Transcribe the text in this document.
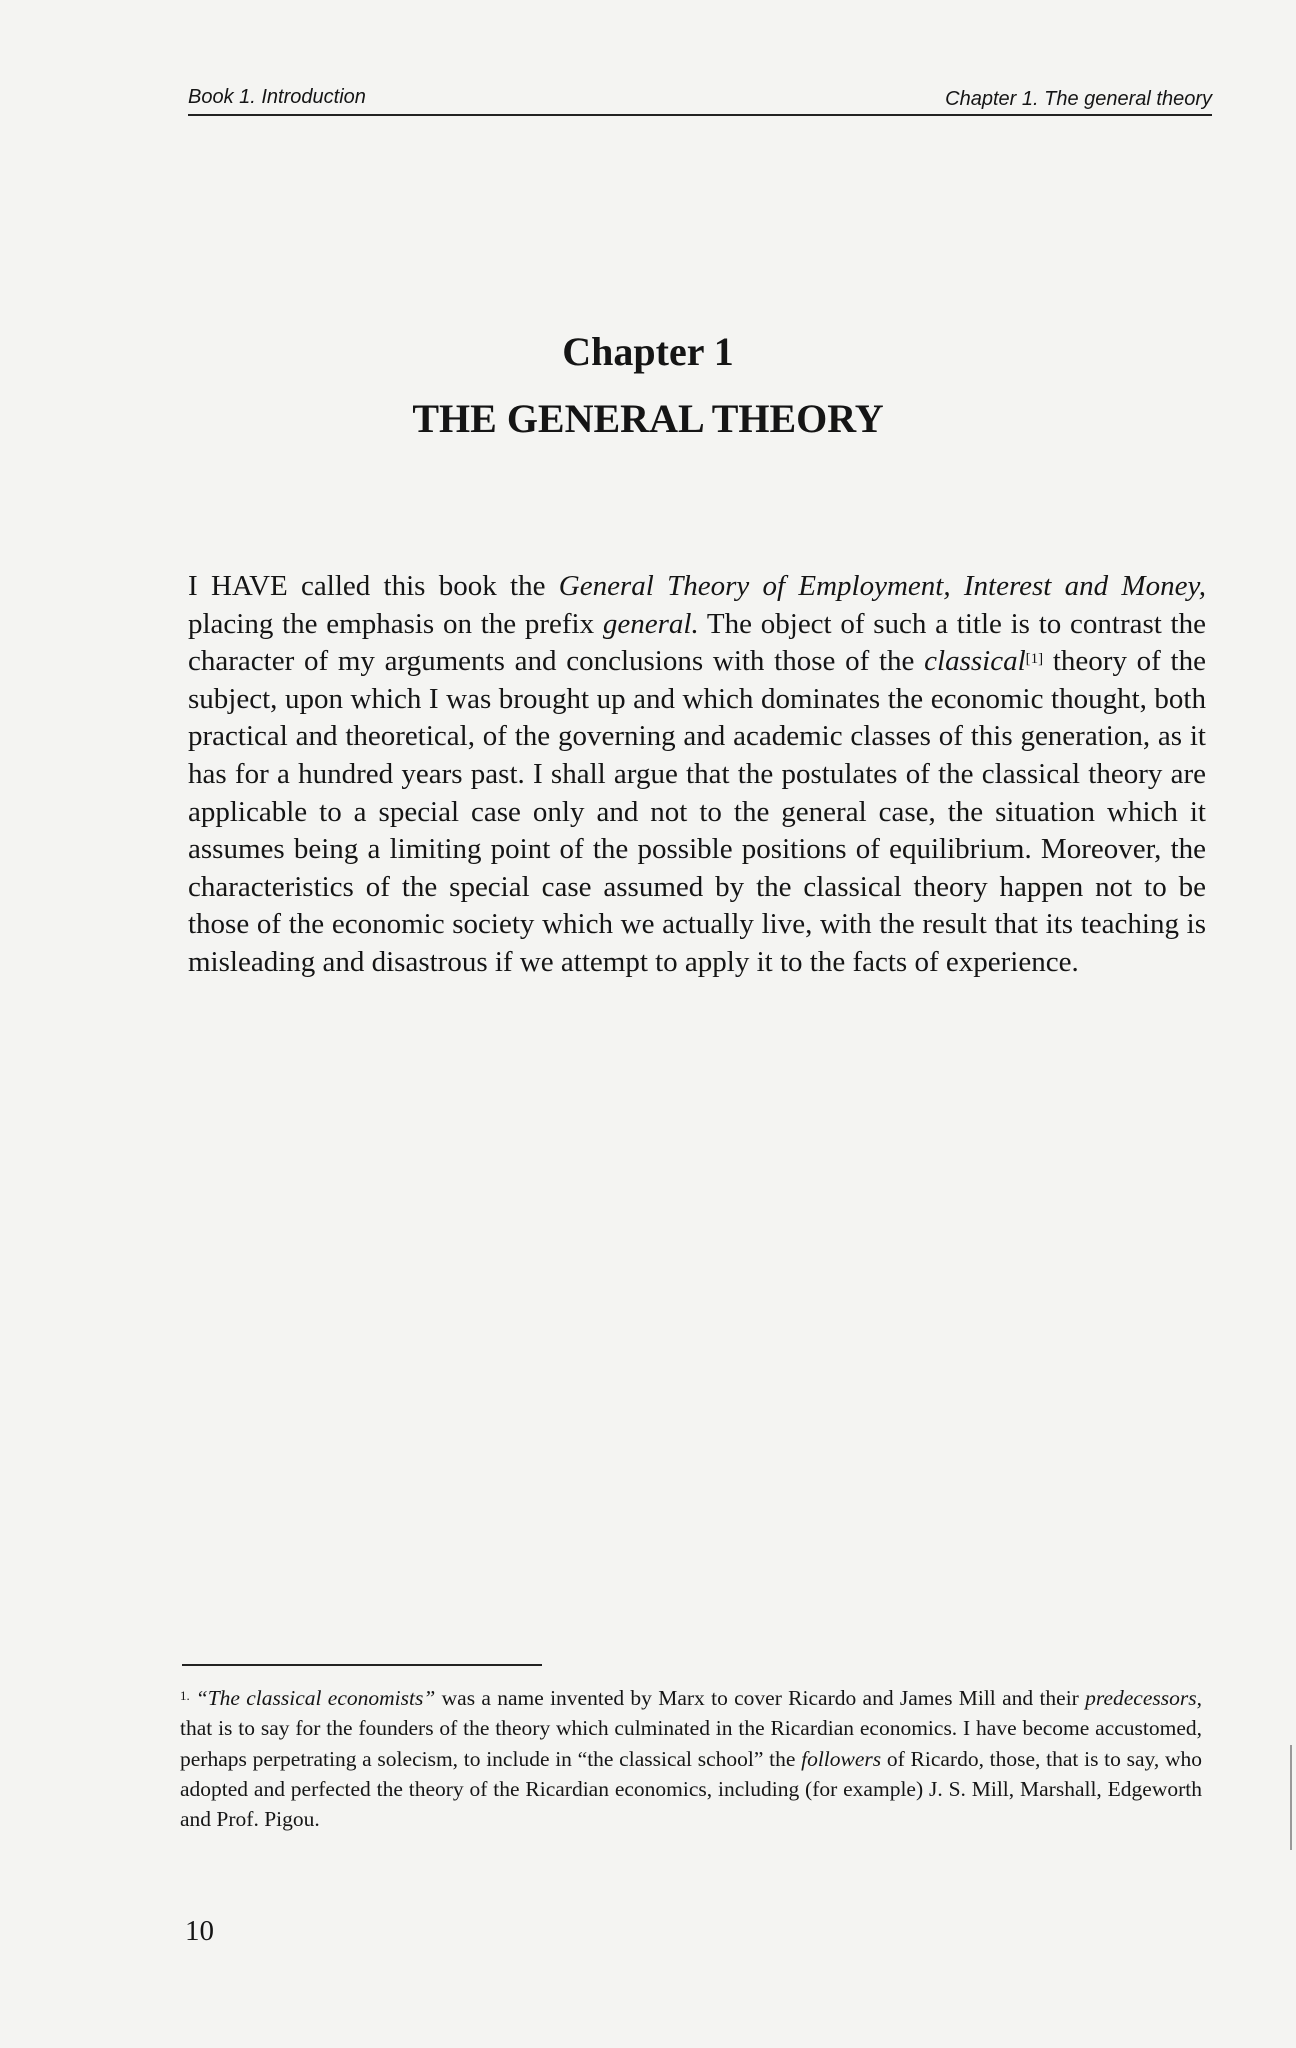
Book 1. Introduction	Chapter 1. The general theory
Chapter 1
THE GENERAL THEORY

I HAVE called this book the General Theory of Employment, Interest and Money, placing the emphasis on the prefix general. The object of such a title is to contrast the character of my arguments and conclusions with those of the classical[1] theory of the subject, upon which I was brought up and which dominates the economic thought, both practical and theoretical, of the governing and academic classes of this generation, as it has for a hundred years past. I shall argue that the postulates of the classical theory are applicable to a special case only and not to the general case, the situation which it assumes being a limiting point of the possible positions of equilibrium. Moreover, the characteristics of the special case assumed by the classical theory happen not to be those of the economic society which we actually live, with the result that its teaching is misleading and disastrous if we attempt to apply it to the facts of experience.

$^{1.}$ “The classical economists” was a name invented by Marx to cover Ricardo and James Mill and their predecessors, that is to say for the founders of the theory which culminated in the Ricardian economics. I have become accustomed, perhaps perpetrating a solecism, to include in “the classical school” the followers of Ricardo, those, that is to say, who adopted and perfected the theory of the Ricardian economics, including (for example) J. S. Mill, Marshall, Edgeworth and Prof. Pigou.

10
